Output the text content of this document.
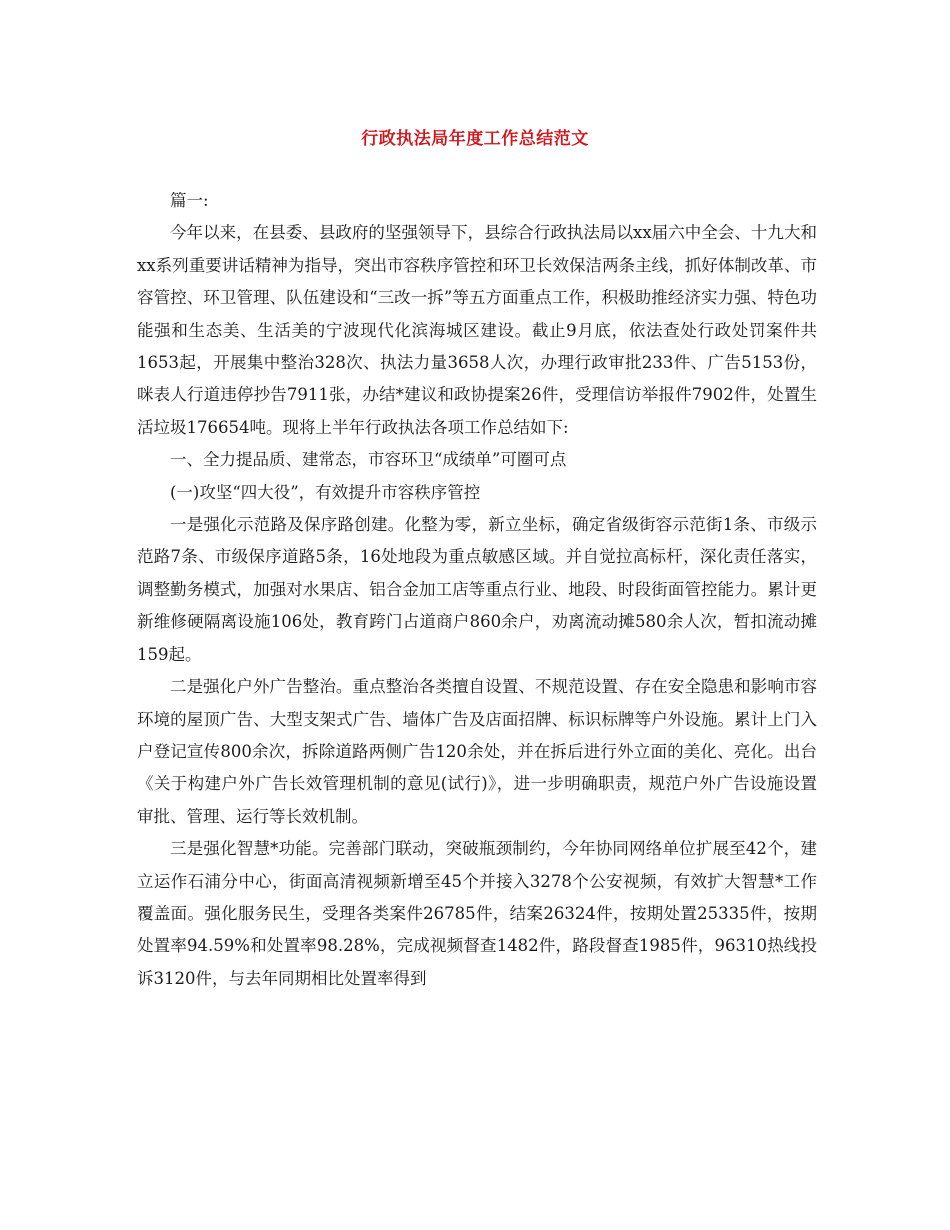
行政执法局年度工作总结范文

篇一:

今年以来，在县委、县政府的坚强领导下，县综合行政执法局以xx届六中全会、十九大和xx系列重要讲话精神为指导，突出市容秩序管控和环卫长效保洁两条主线，抓好体制改革、市容管控、环卫管理、队伍建设和“三改一拆”等五方面重点工作，积极助推经济实力强、特色功能强和生态美、生活美的宁波现代化滨海城区建设。截止9月底，依法查处行政处罚案件共1653起，开展集中整治328次、执法力量3658人次，办理行政审批233件、广告5153份，咪表人行道违停抄告7911张，办结*建议和政协提案26件，受理信访举报件7902件，处置生活垃圾176654吨。现将上半年行政执法各项工作总结如下:

一、全力提品质、建常态，市容环卫“成绩单”可圈可点

(一)攻坚“四大役”，有效提升市容秩序管控

一是强化示范路及保序路创建。化整为零，新立坐标，确定省级街容示范街1条、市级示范路7条、市级保序道路5条，16处地段为重点敏感区域。并自觉拉高标杆，深化责任落实，调整勤务模式，加强对水果店、铝合金加工店等重点行业、地段、时段街面管控能力。累计更新维修硬隔离设施106处，教育跨门占道商户860余户，劝离流动摊580余人次，暂扣流动摊159起。

二是强化户外广告整治。重点整治各类擅自设置、不规范设置、存在安全隐患和影响市容环境的屋顶广告、大型支架式广告、墙体广告及店面招牌、标识标牌等户外设施。累计上门入户登记宣传800余次，拆除道路两侧广告120余处，并在拆后进行外立面的美化、亮化。出台《关于构建户外广告长效管理机制的意见(试行)》，进一步明确职责，规范户外广告设施设置审批、管理、运行等长效机制。

三是强化智慧*功能。完善部门联动，突破瓶颈制约，今年协同网络单位扩展至42个，建立运作石浦分中心，街面高清视频新增至45个并接入3278个公安视频，有效扩大智慧*工作覆盖面。强化服务民生，受理各类案件26785件，结案26324件，按期处置25335件，按期处置率94.59%和处置率98.28%，完成视频督查1482件，路段督查1985件，96310热线投诉3120件，与去年同期相比处置率得到
